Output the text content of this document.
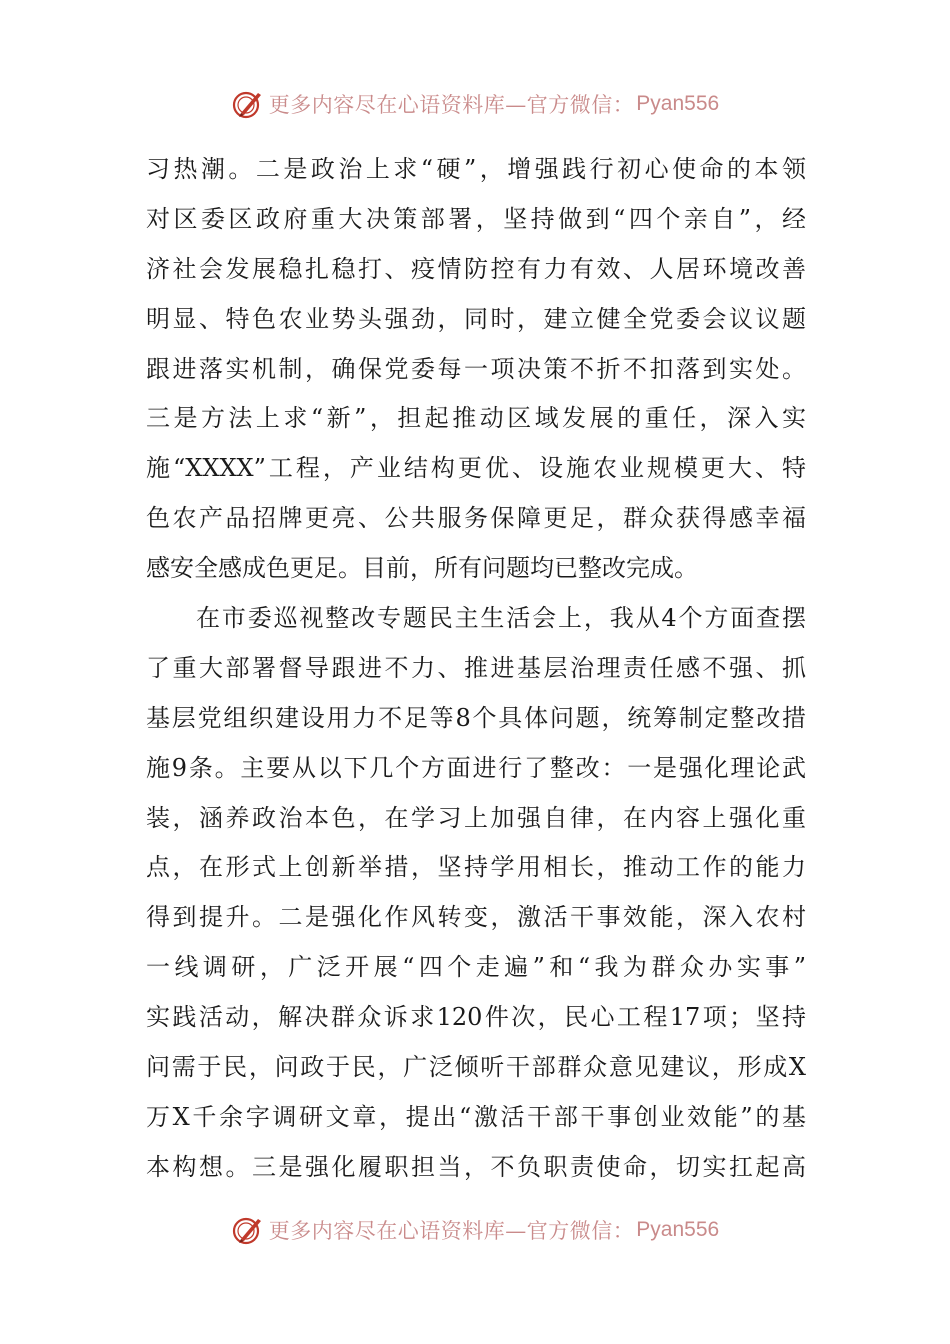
更多内容尽在心语资料库—官方微信： Pyan556
习热潮。二是政治上求“硬”，增强践行初心使命的本领
对区委区政府重大决策部署，坚持做到“四个亲自”，经
济社会发展稳扎稳打、疫情防控有力有效、人居环境改善
明显、特色农业势头强劲，同时，建立健全党委会议议题
跟进落实机制，确保党委每一项决策不折不扣落到实处。
三是方法上求“新”，担起推动区域发展的重任，深入实
施“XXXX”工程，产业结构更优、设施农业规模更大、特
色农产品招牌更亮、公共服务保障更足，群众获得感幸福
感安全感成色更足。目前，所有问题均已整改完成。
在市委巡视整改专题民主生活会上，我从4个方面查摆
了重大部署督导跟进不力、推进基层治理责任感不强、抓
基层党组织建设用力不足等8个具体问题，统筹制定整改措
施9条。主要从以下几个方面进行了整改：一是强化理论武
装，涵养政治本色，在学习上加强自律，在内容上强化重
点，在形式上创新举措，坚持学用相长，推动工作的能力
得到提升。二是强化作风转变，激活干事效能，深入农村
一线调研，广泛开展“四个走遍”和“我为群众办实事”
实践活动，解决群众诉求120件次，民心工程17项；坚持
问需于民，问政于民，广泛倾听干部群众意见建议，形成X
万X千余字调研文章，提出“激活干部干事创业效能”的基
本构想。三是强化履职担当，不负职责使命，切实扛起高
更多内容尽在心语资料库—官方微信： Pyan556
